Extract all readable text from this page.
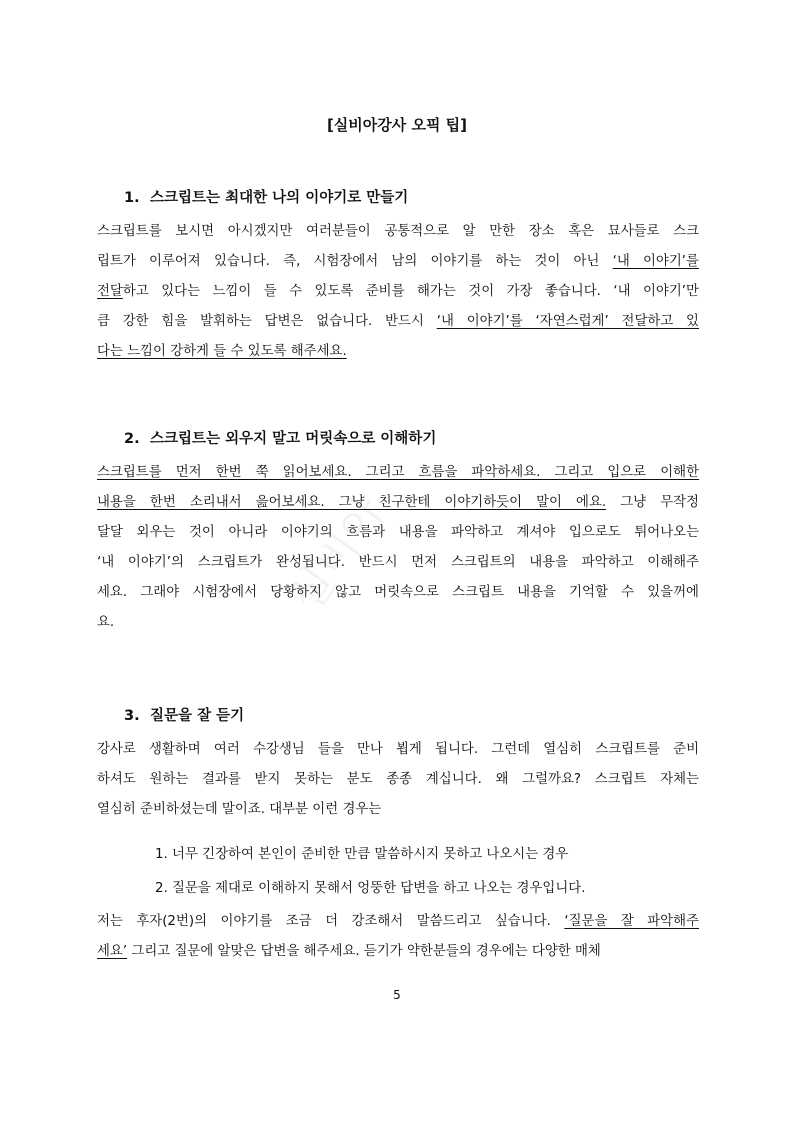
실비아
[실비아강사 오픽 팁]
1. 스크립트는 최대한 나의 이야기로 만들기
스크립트를 보시면 아시겠지만 여러분들이 공통적으로 알 만한 장소 혹은 묘사들로 스크
립트가 이루어져 있습니다. 즉, 시험장에서 남의 이야기를 하는 것이 아닌 ‘내 이야기’를
전달하고 있다는 느낌이 들 수 있도록 준비를 해가는 것이 가장 좋습니다. ‘내 이야기’만
큼 강한 힘을 발휘하는 답변은 없습니다. 반드시 ‘내 이야기’를 ‘자연스럽게’ 전달하고 있
다는 느낌이 강하게 들 수 있도록 해주세요.
2. 스크립트는 외우지 말고 머릿속으로 이해하기
스크립트를 먼저 한번 쭉 읽어보세요. 그리고 흐름을 파악하세요. 그리고 입으로 이해한
내용을 한번 소리내서 읊어보세요. 그냥 친구한테 이야기하듯이 말이 에요. 그냥 무작정
달달 외우는 것이 아니라 이야기의 흐름과 내용을 파악하고 계셔야 입으로도 튀어나오는
‘내 이야기’의 스크립트가 완성됩니다. 반드시 먼저 스크립트의 내용을 파악하고 이해해주
세요. 그래야 시험장에서 당황하지 않고 머릿속으로 스크립트 내용을 기억할 수 있을꺼에
요.
3. 질문을 잘 듣기
강사로 생활하며 여러 수강생님 들을 만나 뵙게 됩니다. 그런데 열심히 스크립트를 준비
하셔도 원하는 결과를 받지 못하는 분도 종종 계십니다. 왜 그럴까요? 스크립트 자체는
열심히 준비하셨는데 말이죠. 대부분 이런 경우는
1. 너무 긴장하여 본인이 준비한 만큼 말씀하시지 못하고 나오시는 경우
2. 질문을 제대로 이해하지 못해서 엉뚱한 답변을 하고 나오는 경우입니다.
저는 후자(2번)의 이야기를 조금 더 강조해서 말씀드리고 싶습니다. ‘질문을 잘 파악해주
세요’ 그리고 질문에 알맞은 답변을 해주세요. 듣기가 약한분들의 경우에는 다양한 매체
5
